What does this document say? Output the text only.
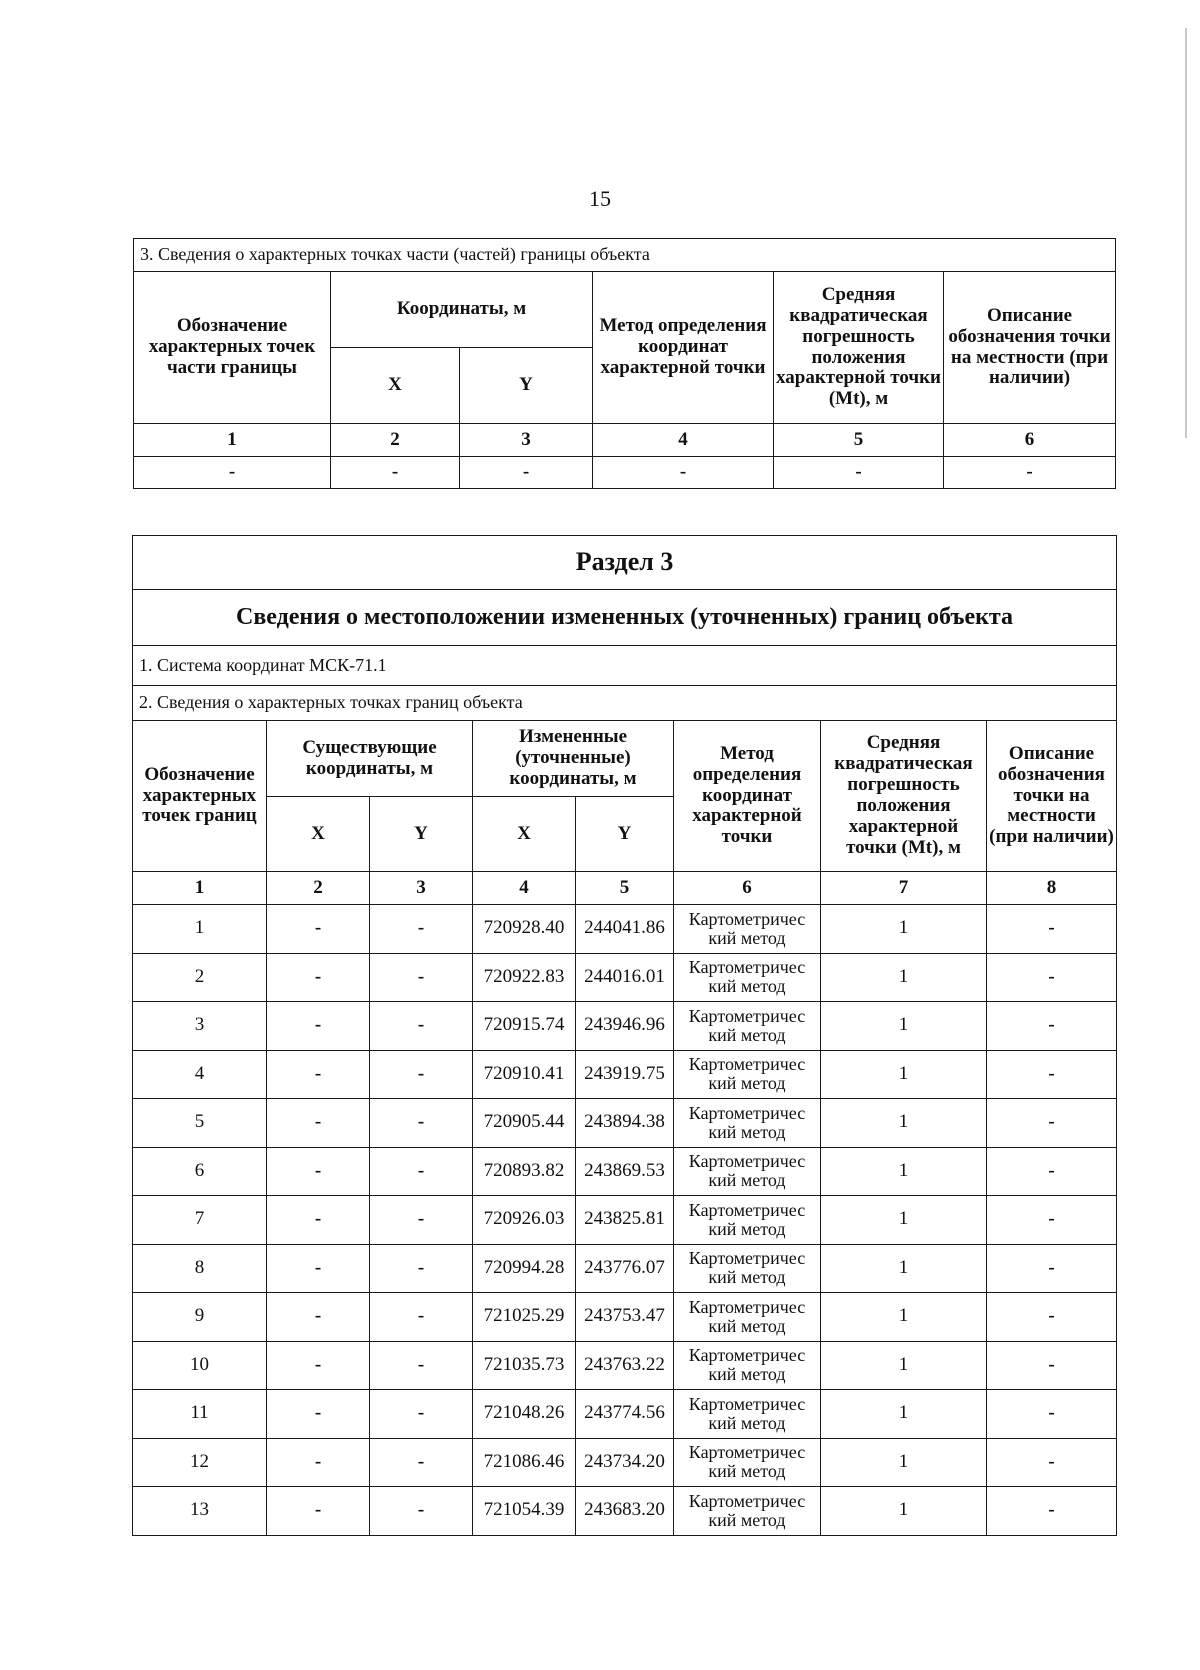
15
3. Сведения о характерных точках части (частей) границы объекта					
Обозначение характерных точек части границы	Координаты, м		Метод определения координат характерной точки	Средняя квадратическая погрешность положения характерной точки (Mt), м	Описание обозначения точки на местности (при наличии)
	X	Y			
1	2	3	4	5	6
-	-	-	-	-	-
Раздел 3							
Сведения о местоположении измененных (уточненных) границ объекта							
1. Система координат МСК-71.1							
2. Сведения о характерных точках границ объекта							
Обозначение характерных точек границ	Существующие координаты, м		Измененные (уточненные) координаты, м		Метод определения координат характерной точки	Средняя квадратическая погрешность положения характерной точки (Mt), м	Описание обозначения точки на местности (при наличии)
	X	Y	X	Y			
1	2	3	4	5	6	7	8
1	-	-	720928.40	244041.86	Картометричес кий метод	1	-
2	-	-	720922.83	244016.01	Картометричес кий метод	1	-
3	-	-	720915.74	243946.96	Картометричес кий метод	1	-
4	-	-	720910.41	243919.75	Картометричес кий метод	1	-
5	-	-	720905.44	243894.38	Картометричес кий метод	1	-
6	-	-	720893.82	243869.53	Картометричес кий метод	1	-
7	-	-	720926.03	243825.81	Картометричес кий метод	1	-
8	-	-	720994.28	243776.07	Картометричес кий метод	1	-
9	-	-	721025.29	243753.47	Картометричес кий метод	1	-
10	-	-	721035.73	243763.22	Картометричес кий метод	1	-
11	-	-	721048.26	243774.56	Картометричес кий метод	1	-
12	-	-	721086.46	243734.20	Картометричес кий метод	1	-
13	-	-	721054.39	243683.20	Картометричес кий метод	1	-
